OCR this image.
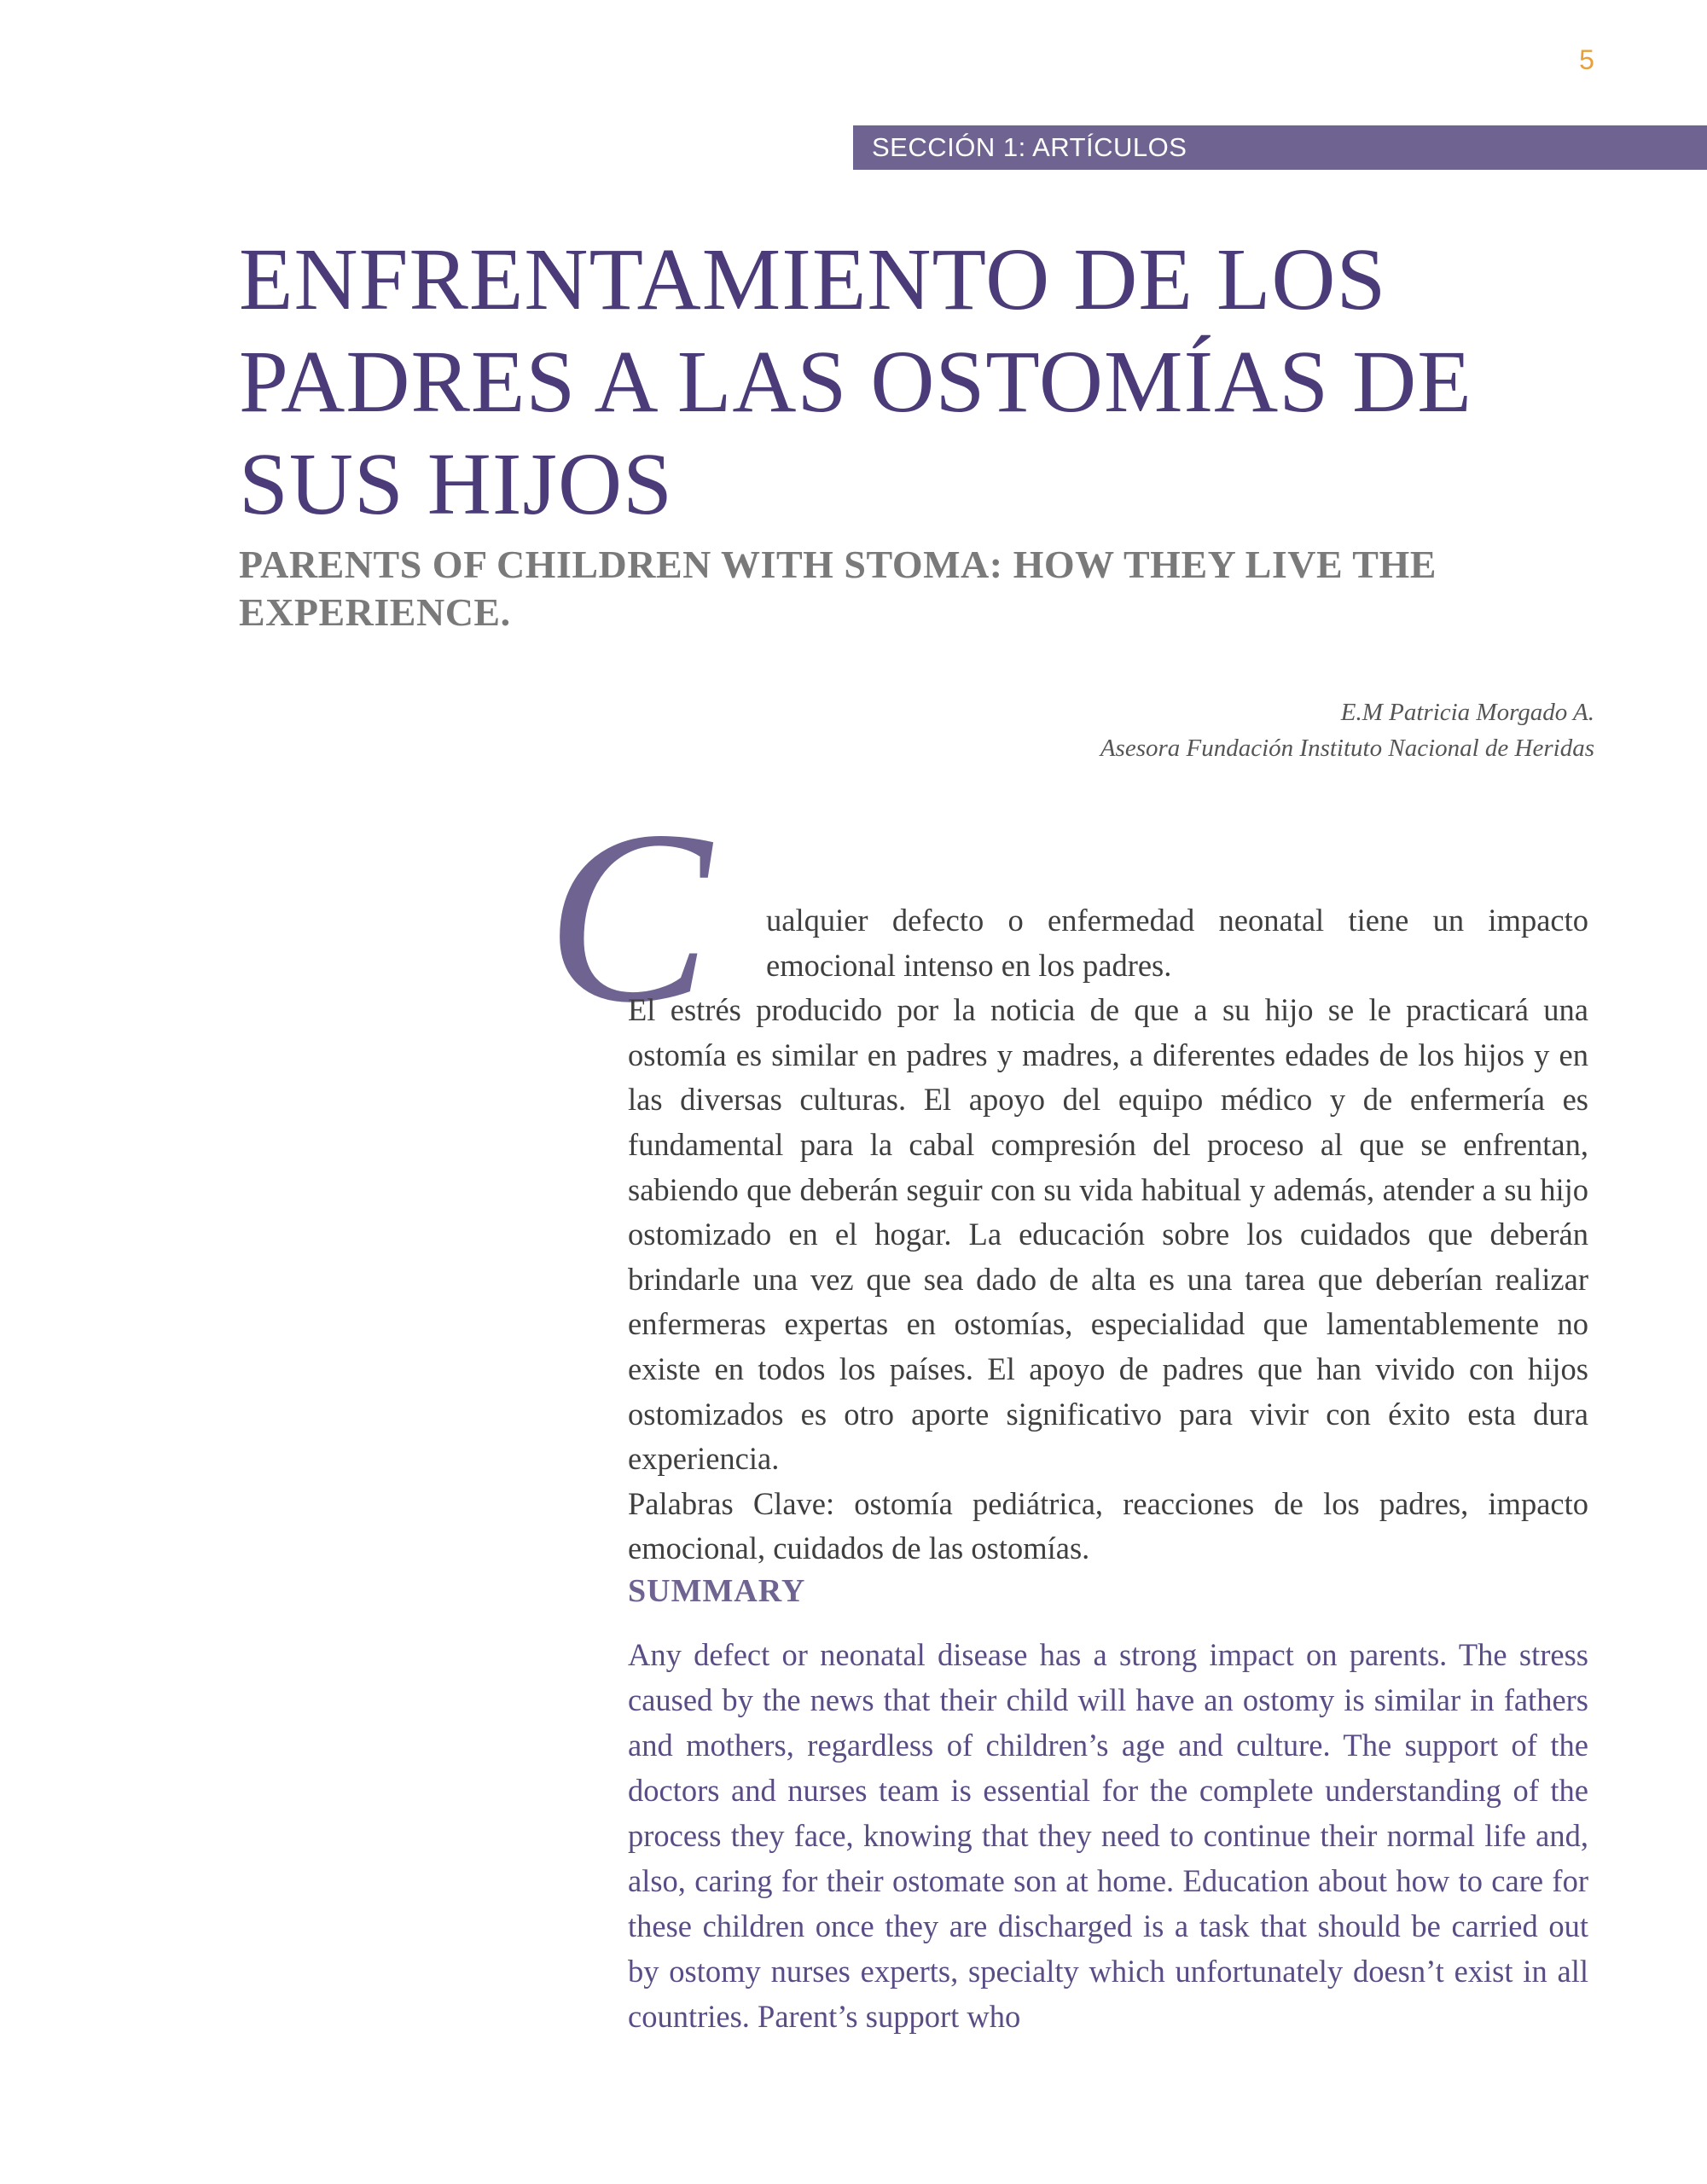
5
SECCIÓN 1: ARTÍCULOS
ENFRENTAMIENTO DE LOS PADRES A LAS OSTOMÍAS DE SUS HIJOS
PARENTS OF CHILDREN WITH STOMA: HOW THEY LIVE THE EXPERIENCE.
E.M Patricia Morgado A.
Asesora Fundación Instituto Nacional de Heridas
C	ualquier defecto o enfermedad neonatal tiene un impacto emocional intenso en los padres.
El estrés producido por la noticia de que a su hijo se le practicará una ostomía es similar en padres y madres, a diferentes edades de los hijos y en las diversas culturas. El apoyo del equipo médico y de enfermería es fundamental para la cabal compresión del proceso al que se enfrentan, sabiendo que deberán seguir con su vida habitual y además, atender a su hijo ostomizado en el hogar. La educación sobre los cuidados que deberán brindarle una vez que sea dado de alta es una tarea que deberían realizar enfermeras expertas en ostomías, especialidad que lamentablemente no existe en todos los países. El apoyo de padres que han vivido con hijos ostomizados es otro aporte significativo para vivir con éxito esta dura experiencia.

Palabras Clave: ostomía pediátrica, reacciones de los padres, impacto emocional, cuidados de las ostomías.

SUMMARY

Any defect or neonatal disease has a strong impact on parents. The stress caused by the news that their child will have an ostomy is similar in fathers and mothers, regardless of children’s age and culture. The support of the doctors and nurses team is essential for the complete understanding of the process they face, knowing that they need to continue their normal life and, also, caring for their ostomate son at home. Education about how to care for these children once they are discharged is a task that should be carried out by ostomy nurses experts, specialty which unfortunately doesn’t exist in all countries. Parent’s support who
